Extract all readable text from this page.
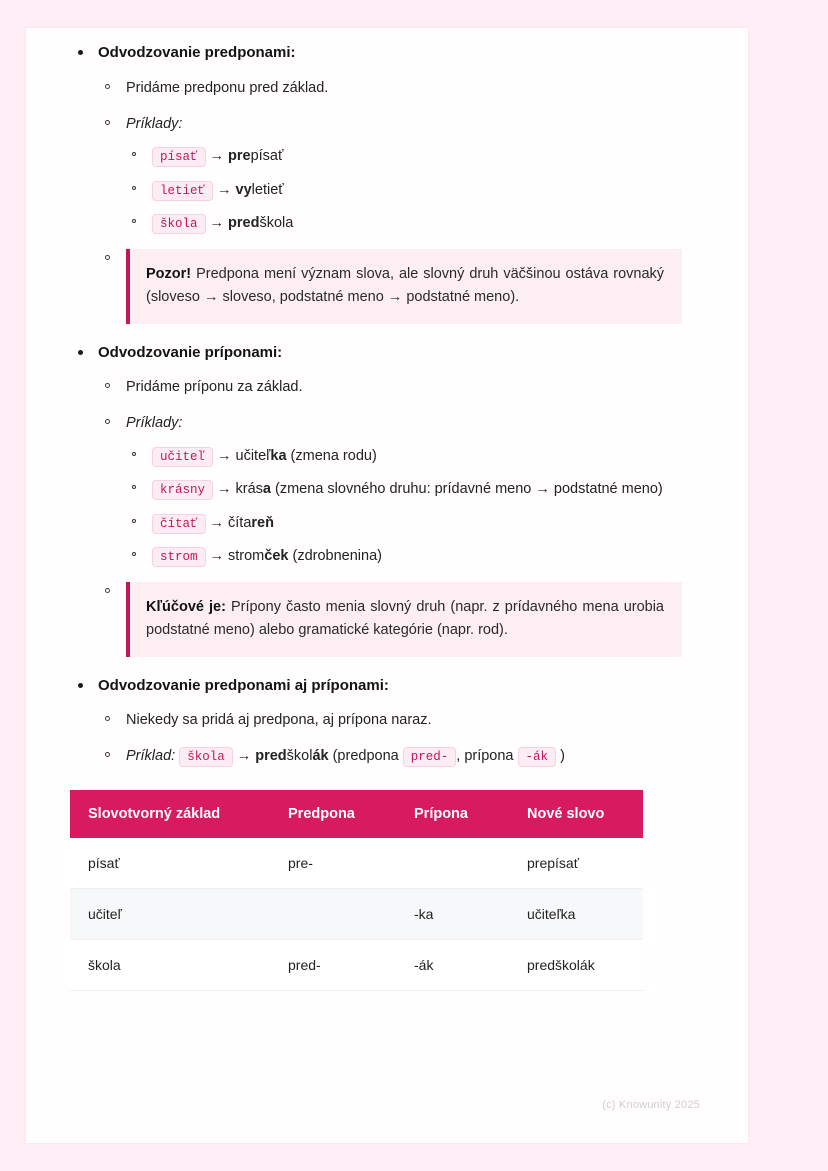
Odvodzovanie predponami:
Pridáme predponu pred základ.
Príklady:
písať → prepísať
letieť → vyletieť
škola → predškola
Pozor! Predpona mení význam slova, ale slovný druh väčšinou ostáva rovnaký (sloveso → sloveso, podstatné meno → podstatné meno).
Odvodzovanie príponami:
Pridáme príponu za základ.
Príklady:
učiteľ → učiteľka (zmena rodu)
krásny → krása (zmena slovného druhu: prídavné meno → podstatné meno)
čítať → čítareň
strom → stromček (zdrobnenina)
Kľúčové je: Prípony často menia slovný druh (napr. z prídavného mena urobia podstatné meno) alebo gramatické kategórie (napr. rod).
Odvodzovanie predponami aj príponami:
Niekedy sa pridá aj predpona, aj prípona naraz.
Príklad: škola → predškolák (predpona pred- , prípona -ák )
Slovotvorný základ	Predpona	Prípona	Nové slovo
písať	pre-		prepísať
učiteľ		-ka	učiteľka
škola	pred-	-ák	predškolák
(c) Knowunity 2025
